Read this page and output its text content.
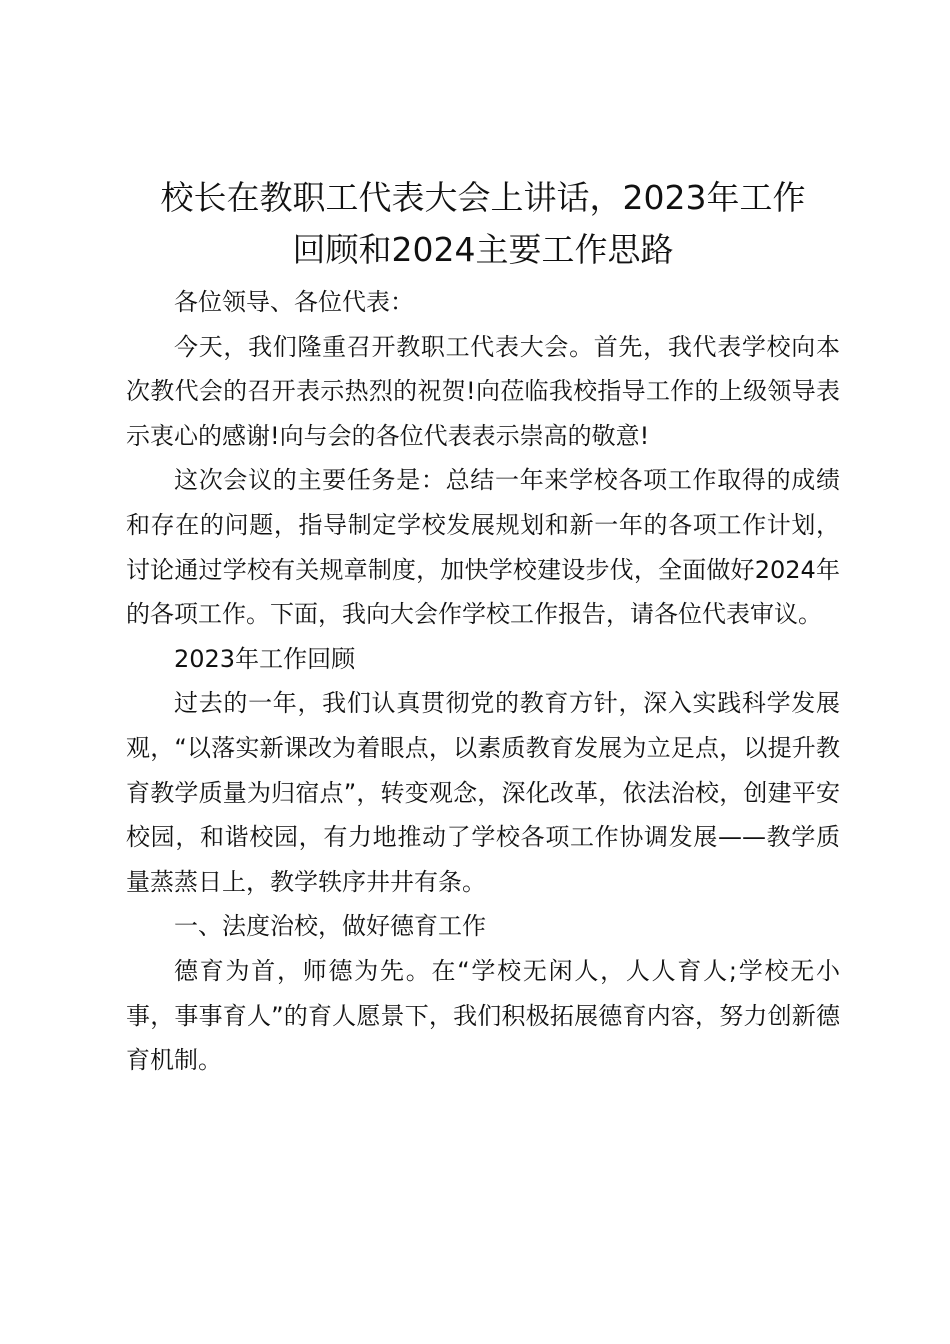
校长在教职工代表大会上讲话，2023年工作

回顾和2024主要工作思路

各位领导、各位代表：

今天，我们隆重召开教职工代表大会。首先，我代表学校向本次教代会的召开表示热烈的祝贺!向莅临我校指导工作的上级领导表示衷心的感谢!向与会的各位代表表示崇高的敬意!

这次会议的主要任务是：总结一年来学校各项工作取得的成绩和存在的问题，指导制定学校发展规划和新一年的各项工作计划，讨论通过学校有关规章制度，加快学校建设步伐，全面做好2024年的各项工作。下面，我向大会作学校工作报告，请各位代表审议。

2023年工作回顾

过去的一年，我们认真贯彻党的教育方针，深入实践科学发展观，“以落实新课改为着眼点，以素质教育发展为立足点，以提升教育教学质量为归宿点”，转变观念，深化改革，依法治校，创建平安校园，和谐校园，有力地推动了学校各项工作协调发展——教学质量蒸蒸日上，教学轶序井井有条。

一、法度治校，做好德育工作

德育为首，师德为先。在“学校无闲人，人人育人;学校无小事，事事育人”的育人愿景下，我们积极拓展德育内容，努力创新德育机制。
